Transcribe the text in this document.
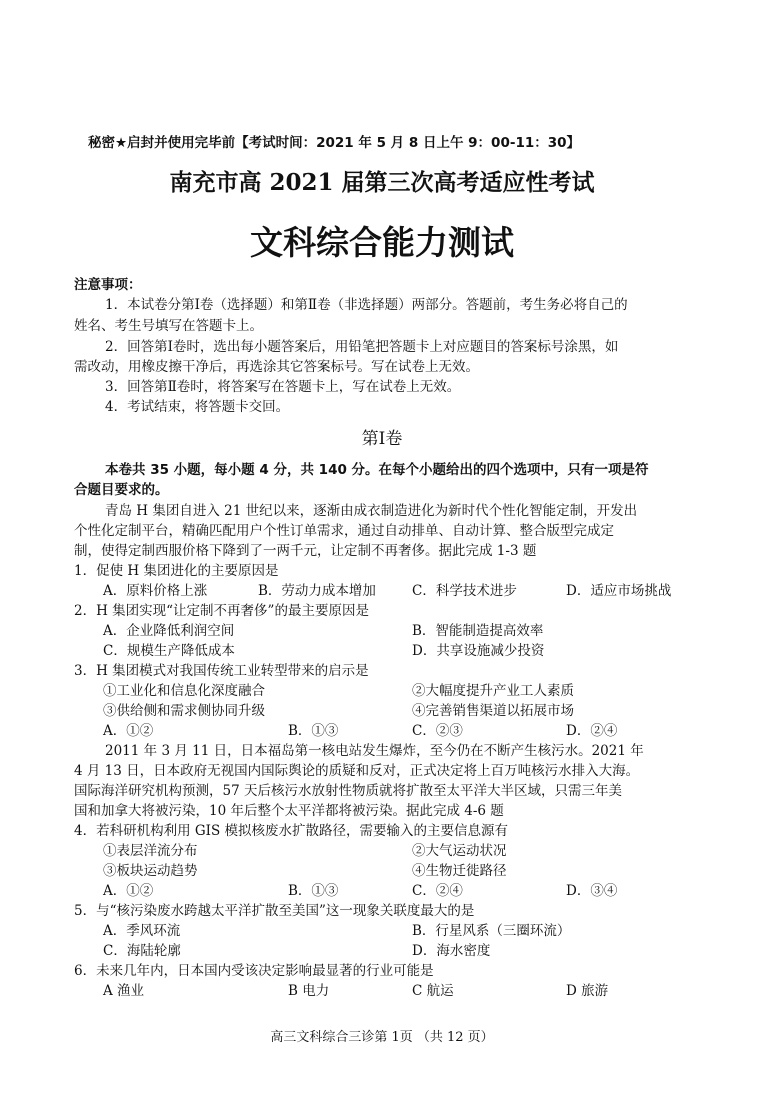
秘密★启封并使用完毕前【考试时间：2021 年 5 月 8 日上午 9：00-11：30】
南充市高 2021 届第三次高考适应性考试
文科综合能力测试
注意事项：
1．本试卷分第Ⅰ卷（选择题）和第Ⅱ卷（非选择题）两部分。答题前，考生务必将自己的
姓名、考生号填写在答题卡上。
2．回答第Ⅰ卷时，选出每小题答案后，用铅笔把答题卡上对应题目的答案标号涂黑，如
需改动，用橡皮擦干净后，再选涂其它答案标号。写在试卷上无效。
3．回答第Ⅱ卷时，将答案写在答题卡上，写在试卷上无效。
4．考试结束，将答题卡交回。
第Ⅰ卷
本卷共 35 小题，每小题 4 分，共 140 分。在每个小题给出的四个选项中，只有一项是符
合题目要求的。
青岛 H 集团自进入 21 世纪以来，逐渐由成衣制造进化为新时代个性化智能定制，开发出
个性化定制平台，精确匹配用户个性订单需求，通过自动排单、自动计算、整合版型完成定
制，使得定制西服价格下降到了一两千元，让定制不再奢侈。据此完成 1-3 题
1．促使 H 集团进化的主要原因是
A．原料价格上涨	B．劳动力成本增加	C．科学技术进步	D．适应市场挑战
2．H 集团实现“让定制不再奢侈”的最主要原因是
A．企业降低利润空间	B．智能制造提高效率
C．规模生产降低成本	D．共享设施减少投资
3．H 集团模式对我国传统工业转型带来的启示是
①工业化和信息化深度融合	②大幅度提升产业工人素质
③供给侧和需求侧协同升级	④完善销售渠道以拓展市场
A．①②	B．①③	C．②③	D．②④
2011 年 3 月 11 日，日本福岛第一核电站发生爆炸，至今仍在不断产生核污水。2021 年
4 月 13 日，日本政府无视国内国际舆论的质疑和反对，正式决定将上百万吨核污水排入大海。
国际海洋研究机构预测，57 天后核污水放射性物质就将扩散至太平洋大半区域，只需三年美
国和加拿大将被污染，10 年后整个太平洋都将被污染。据此完成 4-6 题
4．若科研机构利用 GIS 模拟核废水扩散路径，需要输入的主要信息源有
①表层洋流分布	②大气运动状况
③板块运动趋势	④生物迁徙路径
A．①②	B．①③	C．②④	D．③④
5．与“核污染废水跨越太平洋扩散至美国”这一现象关联度最大的是
A．季风环流	B．行星风系（三圈环流）
C．海陆轮廓	D．海水密度
6．未来几年内，日本国内受该决定影响最显著的行业可能是
A 渔业	B 电力	C 航运	D 旅游
高三文科综合三诊第 1页 （共 12 页）
